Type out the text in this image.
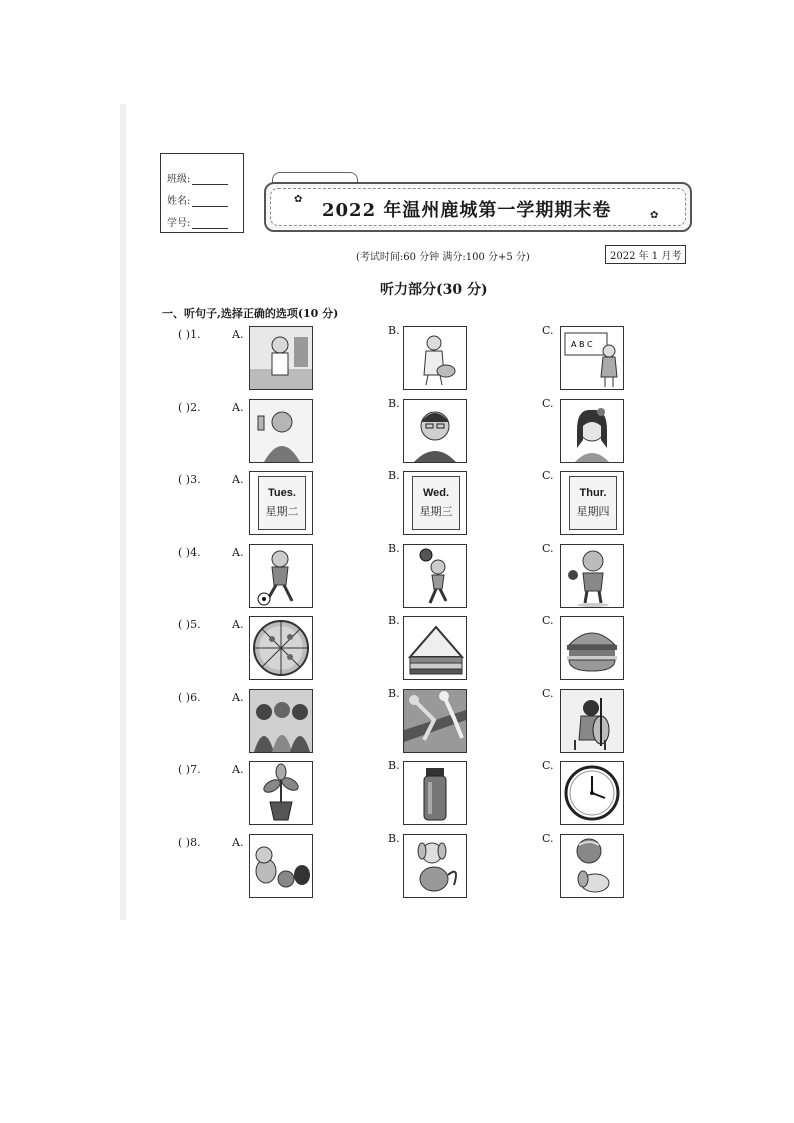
班级:
姓名:
学号:
✿
✿
2022 年温州鹿城第一学期期末卷
(考试时间:60 分钟 满分:100 分+5 分)	2022 年 1 月考
听力部分(30 分)
一、听句子,选择正确的选项(10 分)
( )1.	A.	B.	C.
A B C
( )2.	A.	B.	C.
( )3.	A.
Tues.
星期二
B.
Wed.
星期三
C.
Thur.
星期四
( )4.	A.	B.	C.
( )5.	A.	B.	C.
( )6.	A.	B.	C.
( )7.	A.	B.	C.
( )8.	A.	B.	C.
